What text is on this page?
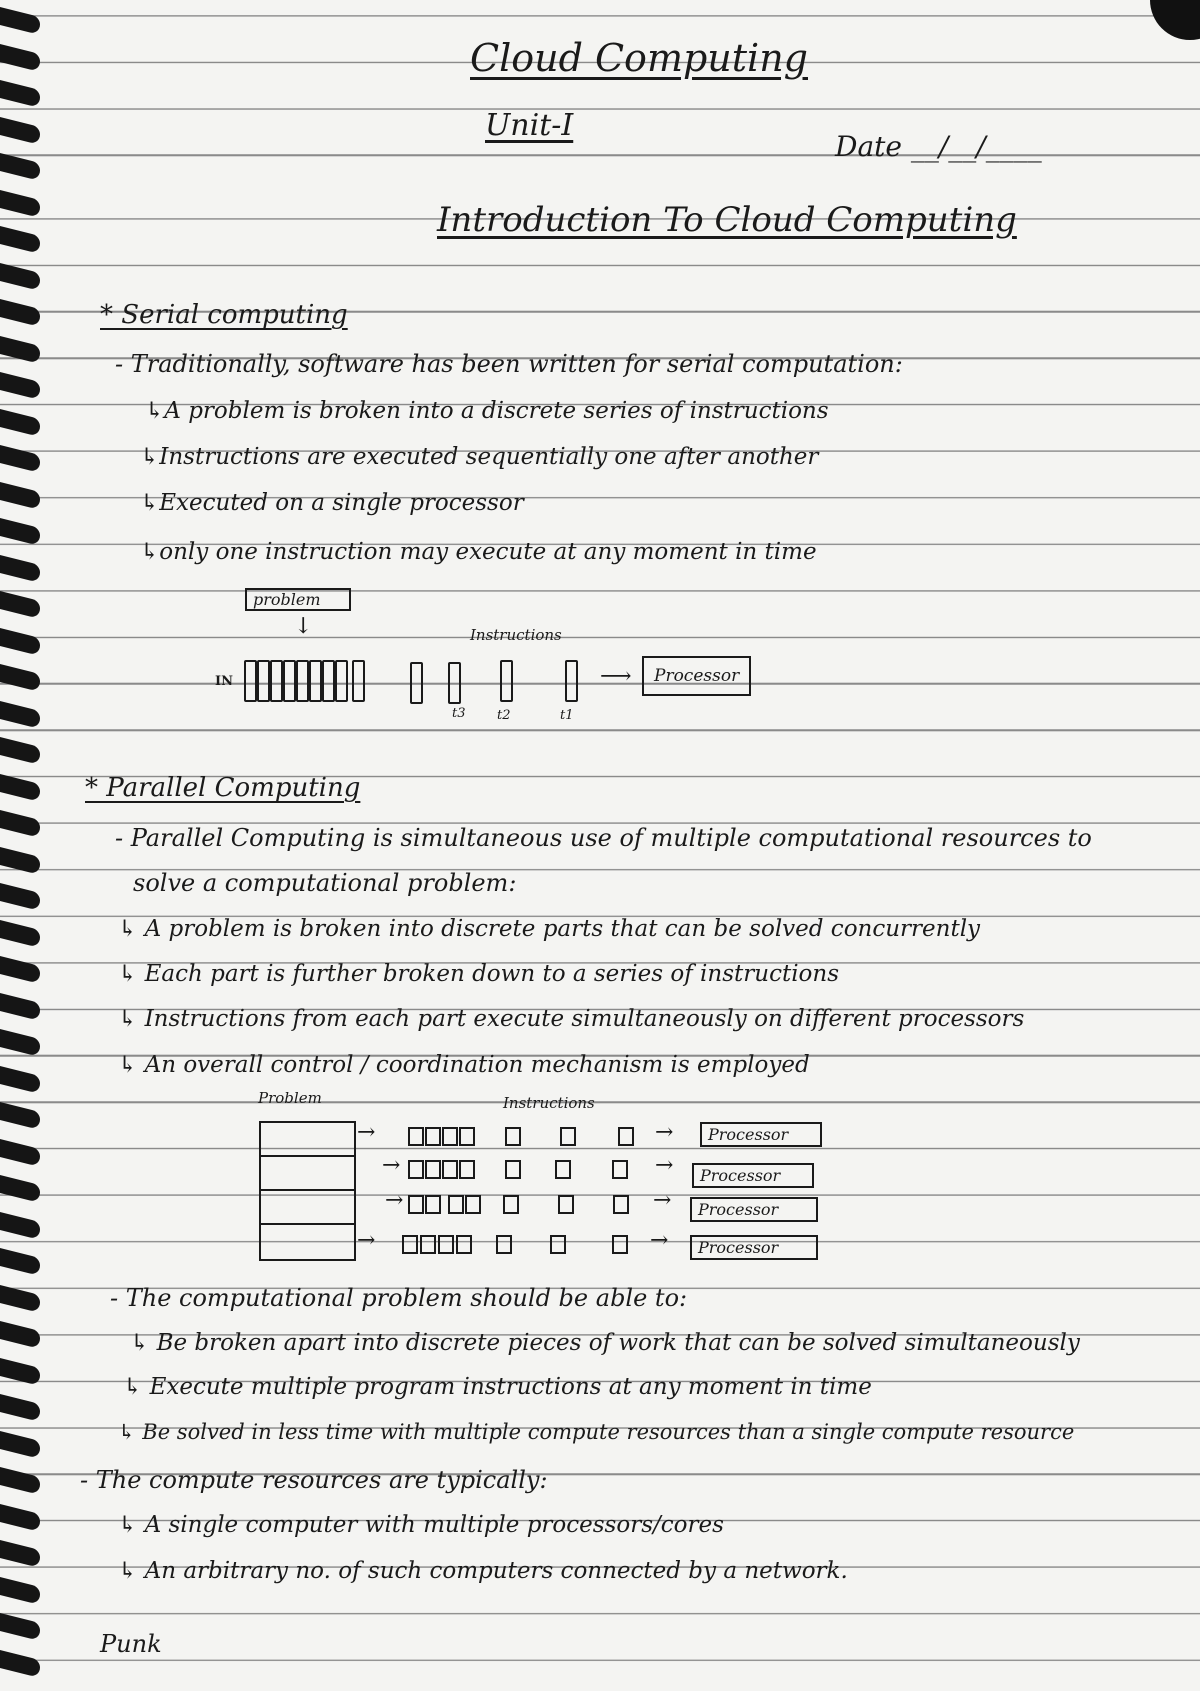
Cloud Computing
Unit-I
Date __/__/____
Introduction To Cloud Computing
* Serial computing
- Traditionally, software has been written for serial computation:
↳A problem is broken into a discrete series of instructions
↳Instructions are executed sequentially one after another
↳Executed on a single processor
↳only one instruction may execute at any moment in time
problem
↓	Instructions
IN
t3 t2	t1
⟶	Processor
* Parallel Computing
- Parallel Computing is simultaneous use of multiple computational resources to
solve a computational problem:
↳ A problem is broken into discrete parts that can be solved concurrently
↳ Each part is further broken down to a series of instructions
↳ Instructions from each part execute simultaneously on different processors
↳ An overall control / coordination mechanism is employed
Problem	Instructions
→	→
→	→
→	→
→	→
Processor
Processor
Processor
Processor
- The computational problem should be able to:
↳ Be broken apart into discrete pieces of work that can be solved simultaneously
↳ Execute multiple program instructions at any moment in time
↳ Be solved in less time with multiple compute resources than a single compute resource
- The compute resources are typically:
↳ A single computer with multiple processors/cores
↳ An arbitrary no. of such computers connected by a network.
Punk
